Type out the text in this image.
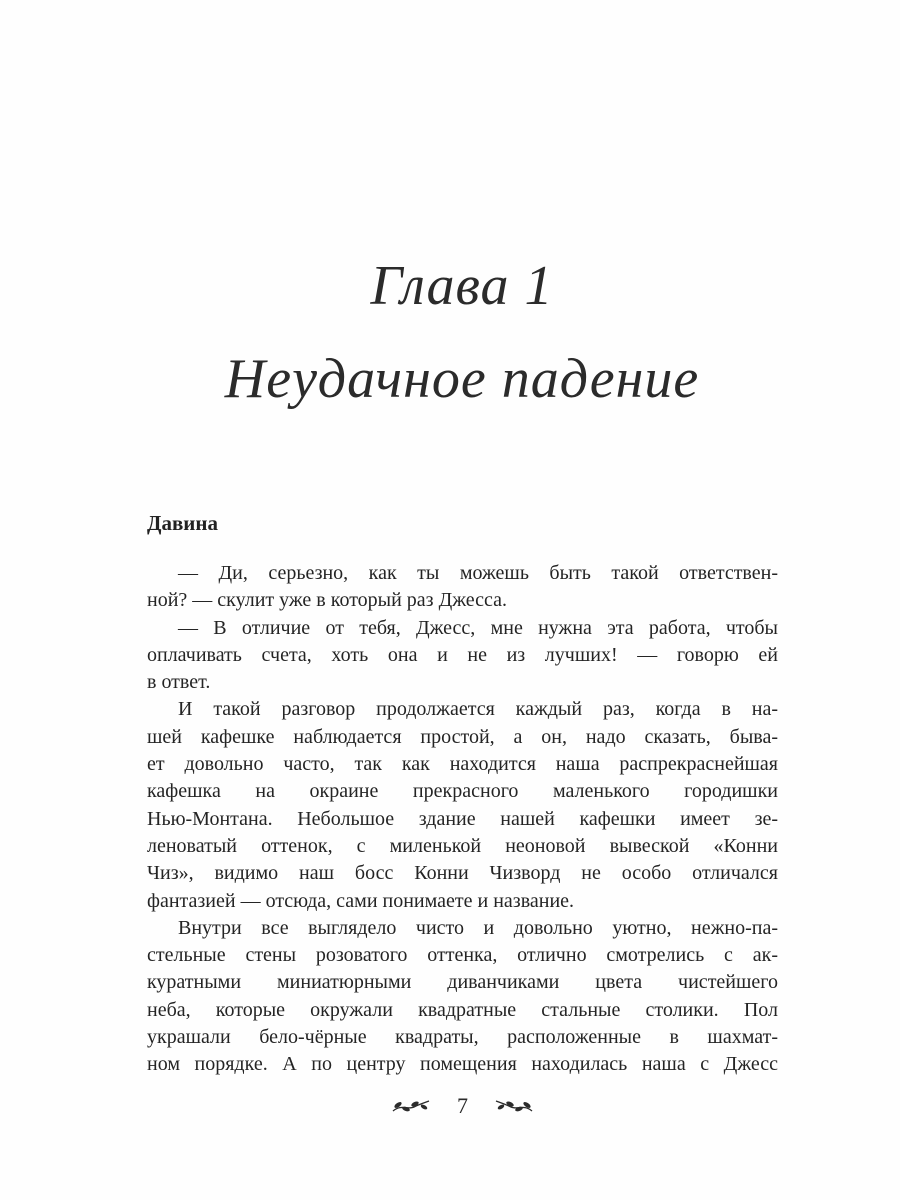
Глава 1
Неудачное падение
Давина
— Ди, серьезно, как ты можешь быть такой ответствен-
ной? — скулит уже в который раз Джесса.
— В отличие от тебя, Джесс, мне нужна эта работа, чтобы
оплачивать счета, хоть она и не из лучших! — говорю ей
в ответ.
И такой разговор продолжается каждый раз, когда в на-
шей кафешке наблюдается простой, а он, надо сказать, быва-
ет довольно часто, так как находится наша распрекраснейшая
кафешка на окраине прекрасного маленького городишки
Нью-Монтана. Небольшое здание нашей кафешки имеет зе-
леноватый оттенок, с миленькой неоновой вывеской «Конни
Чиз», видимо наш босс Конни Чизворд не особо отличался
фантазией — отсюда, сами понимаете и название.
Внутри все выглядело чисто и довольно уютно, нежно-па-
стельные стены розоватого оттенка, отлично смотрелись с ак-
куратными миниатюрными диванчиками цвета чистейшего
неба, которые окружали квадратные стальные столики. Пол
украшали бело-чёрные квадраты, расположенные в шахмат-
ном порядке. А по центру помещения находилась наша с Джесс
7
